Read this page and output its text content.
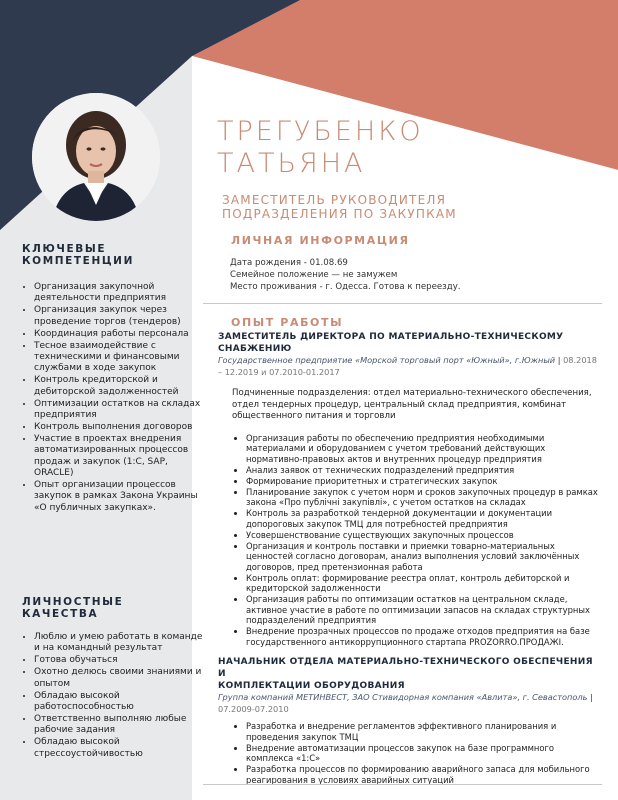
ТРЕГУБЕНКО
ТАТЬЯНА
ЗАМЕСТИТЕЛЬ РУКОВОДИТЕЛЯ
ПОДРАЗДЕЛЕНИЯ ПО ЗАКУПКАМ
ЛИЧНАЯ ИНФОРМАЦИЯ
Дата рождения - 01.08.69
Семейное положение — не замужем
Место проживания - г. Одесса. Готова к переезду.
ОПЫТ РАБОТЫ
ЗАМЕСТИТЕЛЬ ДИРЕКТОРА ПО МАТЕРИАЛЬНО-ТЕХНИЧЕСКОМУ СНАБЖЕНИЮ
Государственное предприятие «Морской торговый порт «Южный», г.Южный | 08.2018 – 12.2019 и 07.2010-01.2017
Подчиненные подразделения: отдел материально-технического обеспечения, отдел тендерных процедур, центральный склад предприятия, комбинат общественного питания и торговли
• Организация работы по обеспечению предприятия необходимыми материалами и оборудованием с учетом требований действующих нормативно-правовых актов и внутренних процедур предприятия
• Анализ заявок от технических подразделений предприятия
• Формирование приоритетных и стратегических закупок
• Планирование закупок с учетом норм и сроков закупочных процедур в рамках закона «Про публічні закупівлі», с учетом остатков на складах
• Контроль за разработкой тендерной документации и документации допороговых закупок ТМЦ для потребностей предприятия
• Усовершенствование существующих закупочных процессов
• Организация и контроль поставки и приемки товарно-материальных ценностей согласно договорам, анализ выполнения условий заключённых договоров, пред претензионная работа
• Контроль оплат: формирование реестра оплат, контроль дебиторской и кредиторской задолженности
• Организация работы по оптимизации остатков на центральном складе, активное участие в работе по оптимизации запасов на складах структурных подразделений предприятия
• Внедрение прозрачных процессов по продаже отходов предприятия на базе государственного антикоррупционного стартапа PROZORRO.ПРОДАЖІ.
НАЧАЛЬНИК ОТДЕЛА МАТЕРИАЛЬНО-ТЕХНИЧЕСКОГО ОБЕСПЕЧЕНИЯ И
КОМПЛЕКТАЦИИ ОБОРУДОВАНИЯ
Группа компаний МЕТИНВЕСТ, ЗАО Стивидорная компания «Авлита», г. Севастополь | 07.2009-07.2010
• Разработка и внедрение регламентов эффективного планирования и проведения закупок ТМЦ
• Внедрение автоматизации процессов закупок на базе программного комплекса «1:С»
• Разработка процессов по формированию аварийного запаса для мобильного реагирования в условиях аварийных ситуаций
КЛЮЧЕВЫЕ
КОМПЕТЕНЦИИ
• Организация закупочной деятельности предприятия
• Организация закупок через проведение торгов (тендеров)
• Координация работы персонала
• Тесное взаимодействие с техническими и финансовыми службами в ходе закупок
• Контроль кредиторской и дебиторской задолженностей
• Оптимизации остатков на складах предприятия
• Контроль выполнения договоров
• Участие в проектах внедрения автоматизированных процессов продаж и закупок (1:С, SAP, ORACLE)
• Опыт организации процессов закупок в рамках Закона Украины «О публичных закупках».
ЛИЧНОСТНЫЕ
КАЧЕСТВА
• Люблю и умею работать в команде и на командный результат
• Готова обучаться
• Охотно делюсь своими знаниями и опытом
• Обладаю высокой работоспособностью
• Ответственно выполняю любые рабочие задания
• Обладаю высокой стрессоустойчивостью
